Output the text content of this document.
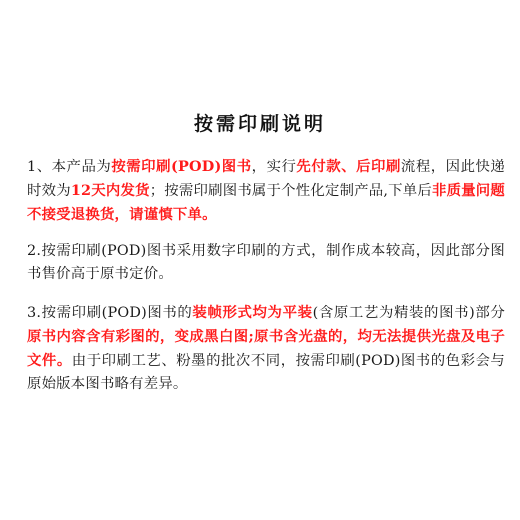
按需印刷说明
1、本产品为按需印刷(POD)图书，实行先付款、后印刷流程，因此快递时效为12天内发货；按需印刷图书属于个性化定制产品,下单后非质量问题不接受退换货，请谨慎下单。
2.按需印刷(POD)图书采用数字印刷的方式，制作成本较高，因此部分图书售价高于原书定价。
3.按需印刷(POD)图书的装帧形式均为平装(含原工艺为精装的图书)部分原书内容含有彩图的，变成黑白图;原书含光盘的，均无法提供光盘及电子文件。由于印刷工艺、粉墨的批次不同，按需印刷(POD)图书的色彩会与原始版本图书略有差异。
